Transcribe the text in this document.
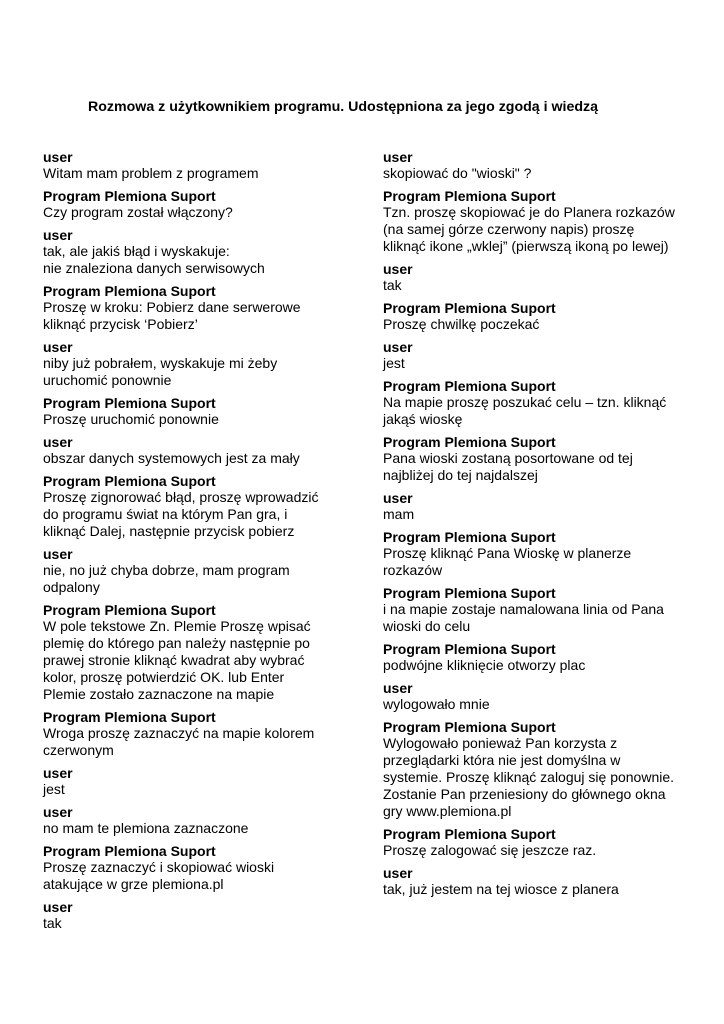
Rozmowa z użytkownikiem programu. Udostępniona za jego zgodą i wiedzą
user
Witam mam problem z programem
Program Plemiona Suport
Czy program został włączony?
user
tak, ale jakiś błąd i wyskakuje:
nie znaleziona danych serwisowych
Program Plemiona Suport
Proszę w kroku: Pobierz dane serwerowe
kliknąć przycisk ‘Pobierz’
user
niby już pobrałem, wyskakuje mi żeby
uruchomić ponownie
Program Plemiona Suport
Proszę uruchomić ponownie
user
obszar danych systemowych jest za mały
Program Plemiona Suport
Proszę zignorować błąd, proszę wprowadzić
do programu świat na którym Pan gra, i
kliknąć Dalej, następnie przycisk pobierz
user
nie, no już chyba dobrze, mam program
odpalony
Program Plemiona Suport
W pole tekstowe Zn. Plemie Proszę wpisać
plemię do którego pan należy następnie po
prawej stronie kliknąć kwadrat aby wybrać
kolor, proszę potwierdzić OK. lub Enter
Plemie zostało zaznaczone na mapie
Program Plemiona Suport
Wroga proszę zaznaczyć na mapie kolorem
czerwonym
user
jest
user
no mam te plemiona zaznaczone
Program Plemiona Suport
Proszę zaznaczyć i skopiować wioski
atakujące w grze plemiona.pl
user
tak
user
skopiować do "wioski" ?
Program Plemiona Suport
Tzn. proszę skopiować je do Planera rozkazów
(na samej górze czerwony napis) proszę
kliknąć ikone „wklej” (pierwszą ikoną po lewej)
user
tak
Program Plemiona Suport
Proszę chwilkę poczekać
user
jest
Program Plemiona Suport
Na mapie proszę poszukać celu – tzn. kliknąć
jakąś wioskę
Program Plemiona Suport
Pana wioski zostaną posortowane od tej
najbliżej do tej najdalszej
user
mam
Program Plemiona Suport
Proszę kliknąć Pana Wioskę w planerze
rozkazów
Program Plemiona Suport
i na mapie zostaje namalowana linia od Pana
wioski do celu
Program Plemiona Suport
podwójne kliknięcie otworzy plac
user
wylogowało mnie
Program Plemiona Suport
Wylogowało ponieważ Pan korzysta z
przeglądarki która nie jest domyślna w
systemie. Proszę kliknąć zaloguj się ponownie.
Zostanie Pan przeniesiony do głównego okna
gry www.plemiona.pl
Program Plemiona Suport
Proszę zalogować się jeszcze raz.
user
tak, już jestem na tej wiosce z planera
